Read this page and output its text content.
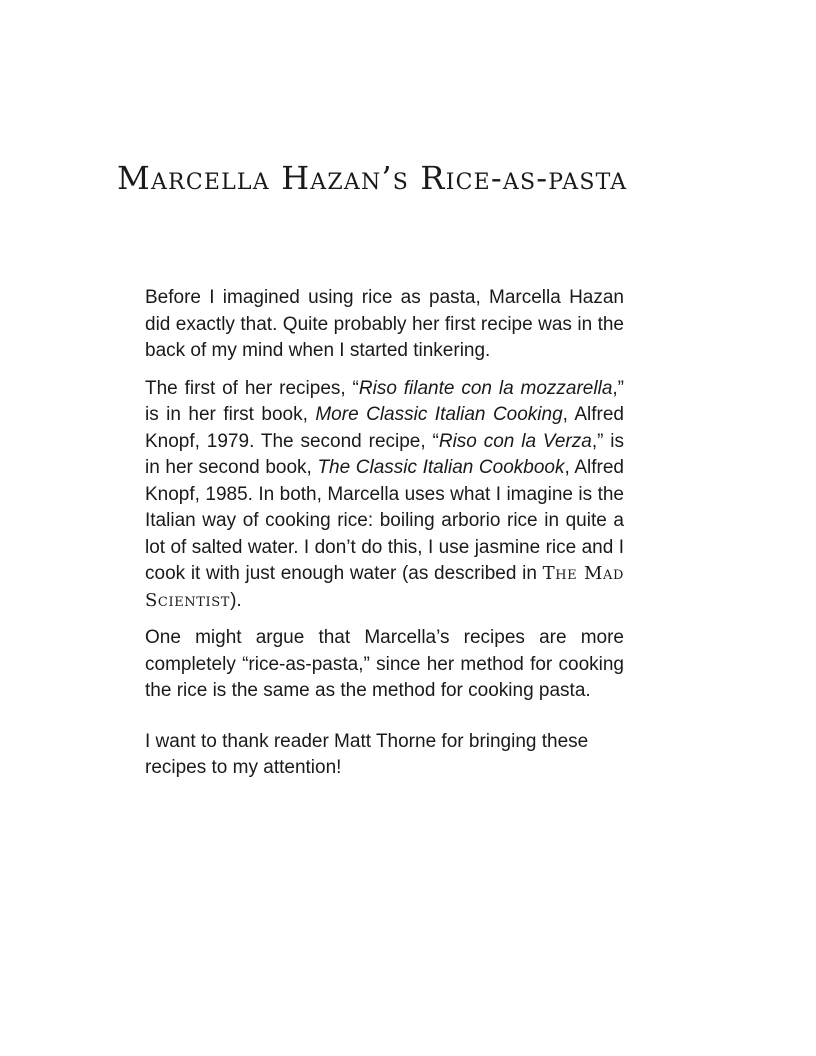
Marcella Hazan’s Rice-as-pasta

Before I imagined using rice as pasta, Marcella Hazan did exactly that. Quite probably her first recipe was in the back of my mind when I started tinkering.

The first of her recipes, “Riso filante con la mozzarella,” is in her first book, More Classic Italian Cooking, Alfred Knopf, 1979. The second recipe, “Riso con la Verza,” is in her second book, The Classic Italian Cookbook, Alfred Knopf, 1985. In both, Marcella uses what I imagine is the Italian way of cooking rice: boiling arborio rice in quite a lot of salted water. I don’t do this, I use jasmine rice and I cook it with just enough water (as described in The Mad Scientist).

One might argue that Marcella’s recipes are more completely “rice-as-pasta,” since her method for cooking the rice is the same as the method for cooking pasta.

I want to thank reader Matt Thorne for bringing these recipes to my attention!
